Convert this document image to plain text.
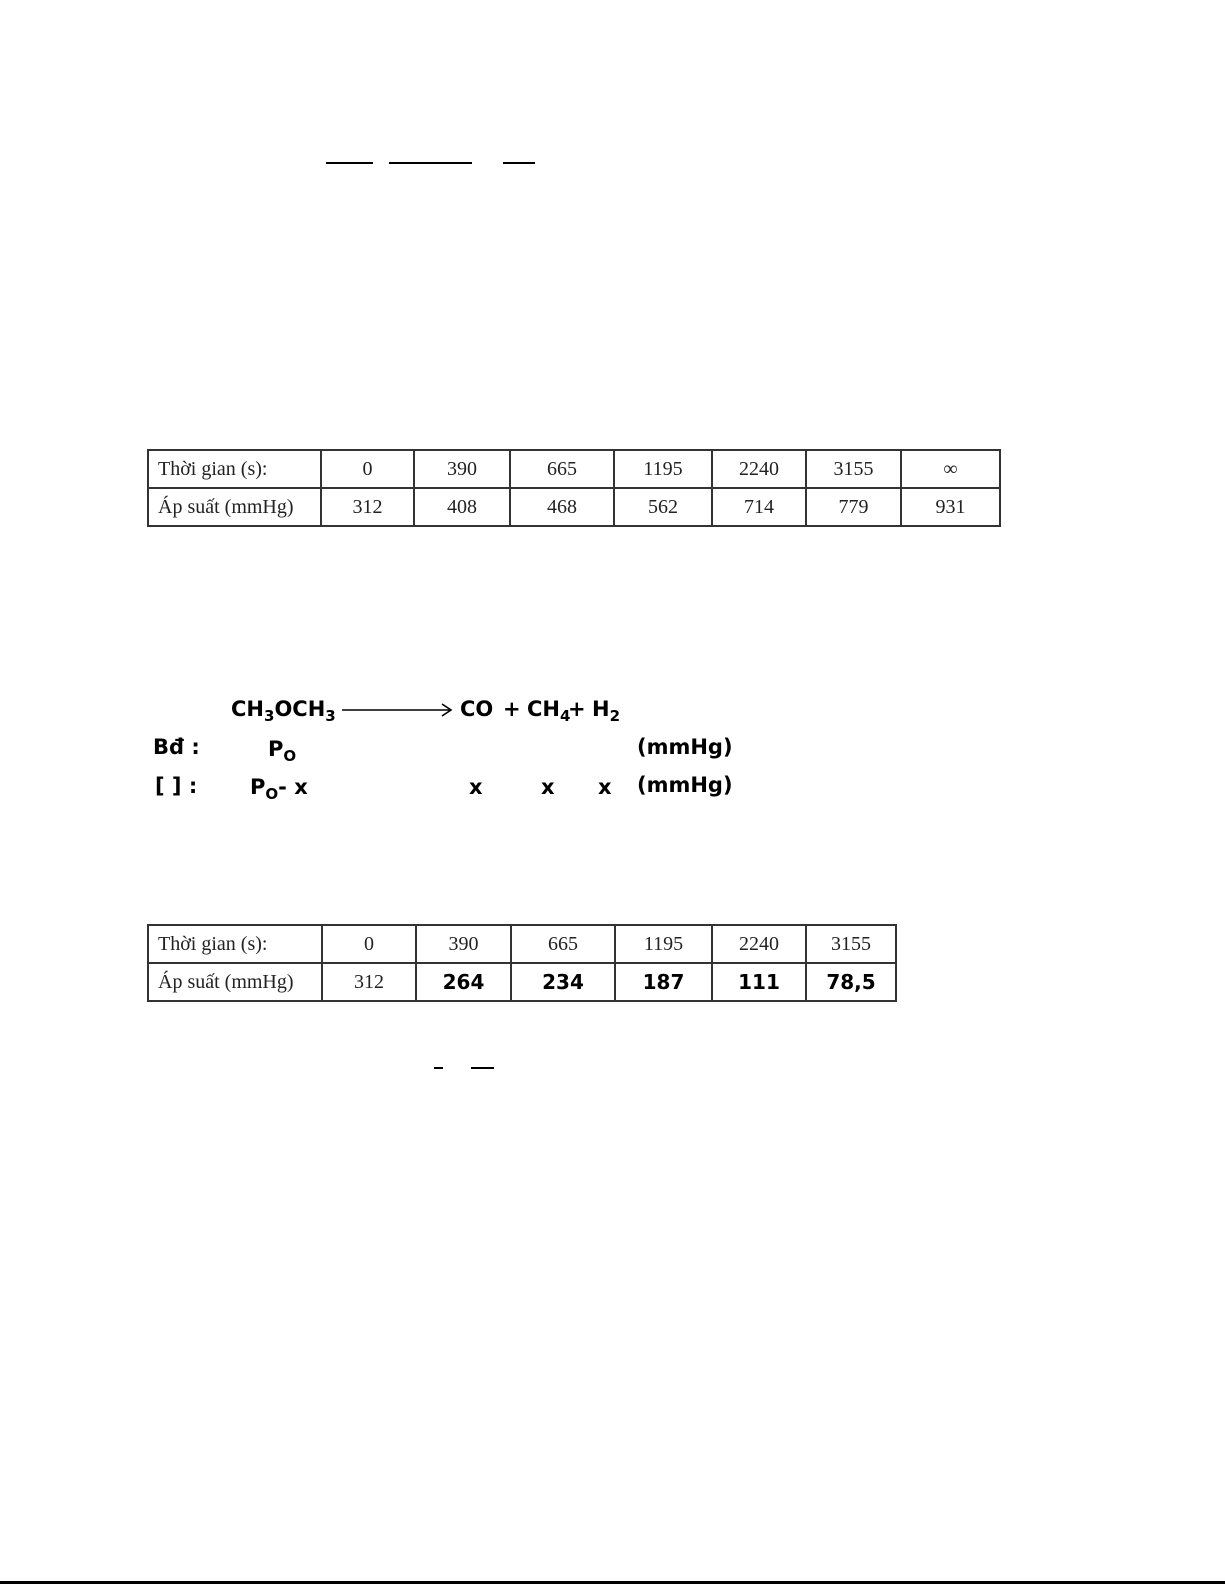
Thời gian (s):	0	390	665	1195	2240	3155	∞
Áp suất (mmHg)	312	408	468	562	714	779	931
$CH_3OCH_3$	CO + $CH_4$
+ $H_2$
Bđ :	$P_O$	(mmHg)
[ ] :	$P_O-$ x	x	x x (mmHg)
Thời gian (s):	0	390	665	1195	2240	3155
Áp suất (mmHg)	312	264	234	187	111	78,5
